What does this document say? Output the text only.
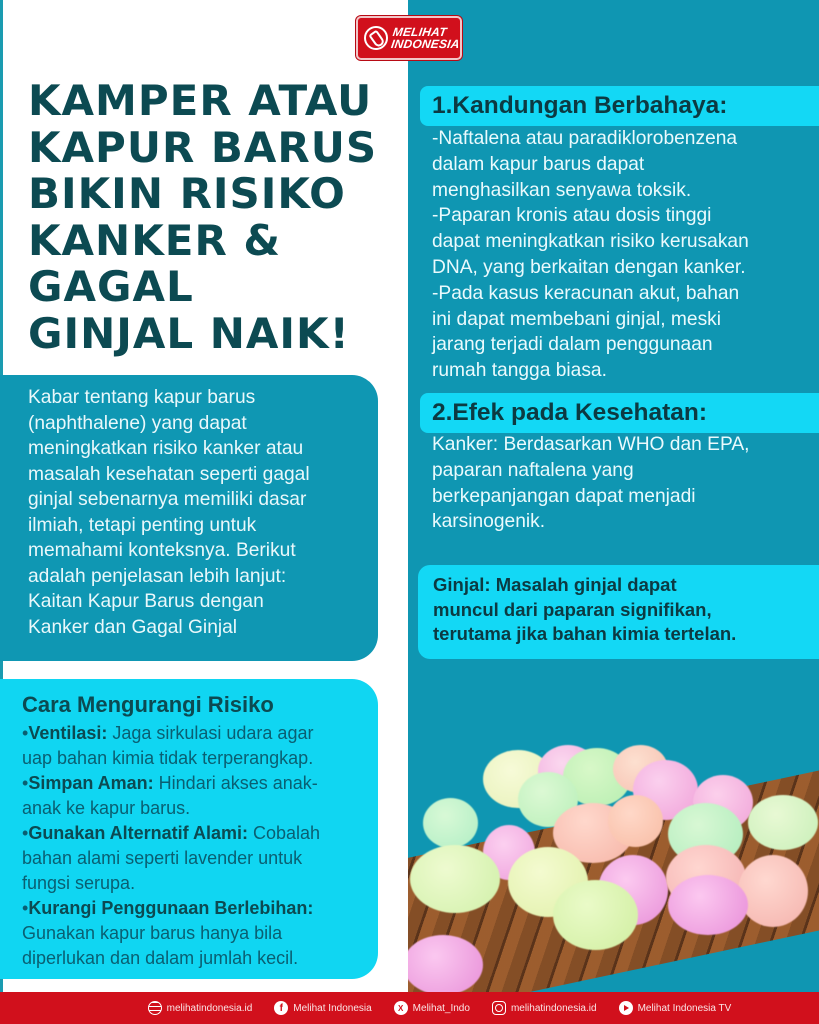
MELIHAT
INDONESIA
KAMPER ATAU
KAPUR BARUS
BIKIN RISIKO
KANKER &
GAGAL
GINJAL NAIK!
Kabar tentang kapur barus
(naphthalene) yang dapat
meningkatkan risiko kanker atau
masalah kesehatan seperti gagal
ginjal sebenarnya memiliki dasar
ilmiah, tetapi penting untuk
memahami konteksnya. Berikut
adalah penjelasan lebih lanjut:
Kaitan Kapur Barus dengan
Kanker dan Gagal Ginjal
Cara Mengurangi Risiko
•Ventilasi: Jaga sirkulasi udara agar
uap bahan kimia tidak terperangkap.
•Simpan Aman: Hindari akses anak-
anak ke kapur barus.
•Gunakan Alternatif Alami: Cobalah
bahan alami seperti lavender untuk
fungsi serupa.
•Kurangi Penggunaan Berlebihan:
Gunakan kapur barus hanya bila
diperlukan dan dalam jumlah kecil.
1.Kandungan Berbahaya:
-Naftalena atau paradiklorobenzena
dalam kapur barus dapat
menghasilkan senyawa toksik.
-Paparan kronis atau dosis tinggi
dapat meningkatkan risiko kerusakan
DNA, yang berkaitan dengan kanker.
-Pada kasus keracunan akut, bahan
ini dapat membebani ginjal, meski
jarang terjadi dalam penggunaan
rumah tangga biasa.
2.Efek pada Kesehatan:
Kanker: Berdasarkan WHO dan EPA,
paparan naftalena yang
berkepanjangan dapat menjadi
karsinogenik.
Ginjal: Masalah ginjal dapat
muncul dari paparan signifikan,
terutama jika bahan kimia tertelan.
melihatindonesia.id	f	Melihat Indonesia	X Melihat_Indo	melihatindonesia.id	Melihat Indonesia TV
